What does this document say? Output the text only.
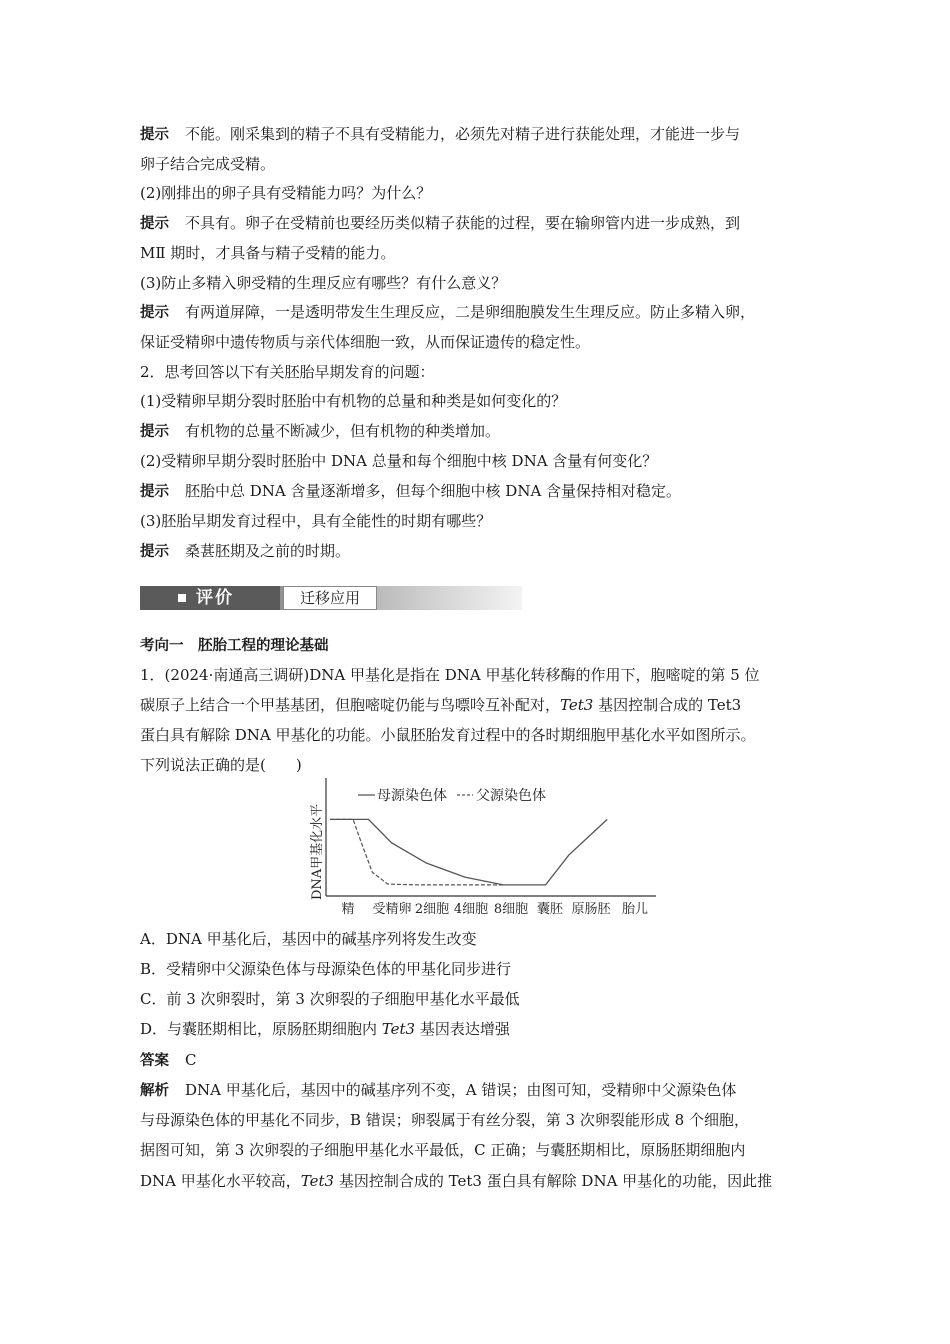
提示 不能。刚采集到的精子不具有受精能力，必须先对精子进行获能处理，才能进一步与
卵子结合完成受精。
(2)刚排出的卵子具有受精能力吗？为什么？
提示 不具有。卵子在受精前也要经历类似精子获能的过程，要在输卵管内进一步成熟，到
MⅡ 期时，才具备与精子受精的能力。
(3)防止多精入卵受精的生理反应有哪些？有什么意义？
提示 有两道屏障，一是透明带发生生理反应，二是卵细胞膜发生生理反应。防止多精入卵，
保证受精卵中遗传物质与亲代体细胞一致，从而保证遗传的稳定性。
2．思考回答以下有关胚胎早期发育的问题：
(1)受精卵早期分裂时胚胎中有机物的总量和种类是如何变化的？
提示 有机物的总量不断减少，但有机物的种类增加。
(2)受精卵早期分裂时胚胎中 DNA 总量和每个细胞中核 DNA 含量有何变化？
提示 胚胎中总 DNA 含量逐渐增多，但每个细胞中核 DNA 含量保持相对稳定。
(3)胚胎早期发育过程中，具有全能性的时期有哪些？
提示 桑葚胚期及之前的时期。
评价	迁移应用
考向一　胚胎工程的理论基础
1．(2024·南通高三调研)DNA 甲基化是指在 DNA 甲基化转移酶的作用下，胞嘧啶的第 5 位
碳原子上结合一个甲基基团，但胞嘧啶仍能与鸟嘌呤互补配对，Tet3 基因控制合成的 Tet3
蛋白具有解除 DNA 甲基化的功能。小鼠胚胎发育过程中的各时期细胞甲基化水平如图所示。
下列说法正确的是(　　)
DNA甲基化水平
母源染色体 父源染色体
精 受精卵 2细胞 4细胞 8细胞 囊胚 原肠胚 胎儿
A．DNA 甲基化后，基因中的碱基序列将发生改变
B．受精卵中父源染色体与母源染色体的甲基化同步进行
C．前 3 次卵裂时，第 3 次卵裂的子细胞甲基化水平最低
D．与囊胚期相比，原肠胚期细胞内 Tet3 基因表达增强
答案 C
解析 DNA 甲基化后，基因中的碱基序列不变，A 错误；由图可知，受精卵中父源染色体
与母源染色体的甲基化不同步，B 错误；卵裂属于有丝分裂，第 3 次卵裂能形成 8 个细胞，
据图可知，第 3 次卵裂的子细胞甲基化水平最低，C 正确；与囊胚期相比，原肠胚期细胞内
DNA 甲基化水平较高，Tet3 基因控制合成的 Tet3 蛋白具有解除 DNA 甲基化的功能，因此推
